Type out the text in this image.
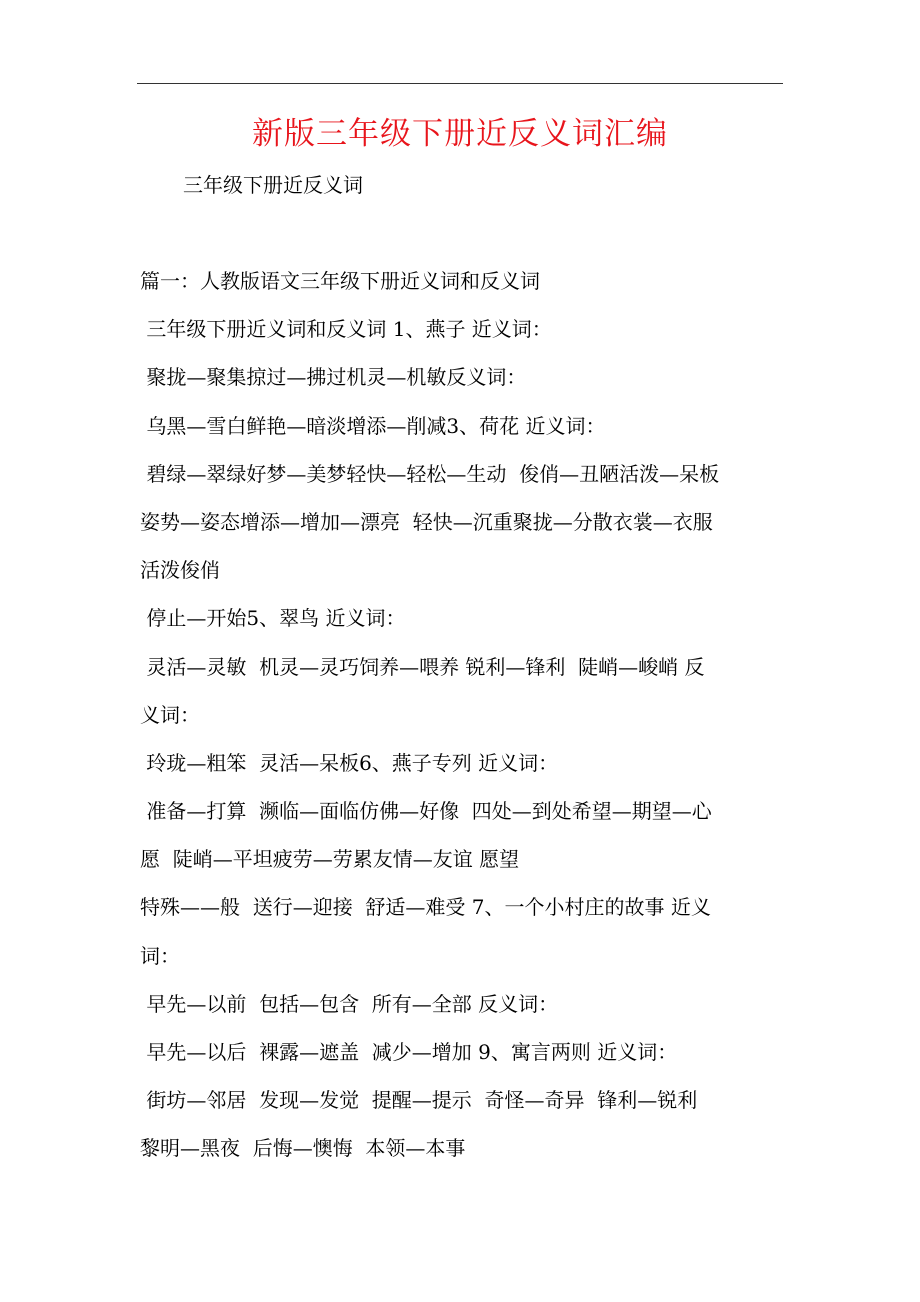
新版三年级下册近反义词汇编
三年级下册近反义词
篇一：人教版语文三年级下册近义词和反义词
三年级下册近义词和反义词 1、燕子 近义词：
聚拢—聚集掠过—拂过机灵—机敏反义词：
乌黑—雪白鲜艳—暗淡增添—削减3、荷花 近义词：
碧绿—翠绿好梦—美梦轻快—轻松—生动  俊俏—丑陋活泼—呆板
姿势—姿态增添—增加—漂亮  轻快—沉重聚拢—分散衣裳—衣服
活泼俊俏
停止—开始5、翠鸟 近义词：
灵活—灵敏  机灵—灵巧饲养—喂养 锐利—锋利  陡峭—峻峭 反
义词：
玲珑—粗笨  灵活—呆板6、燕子专列 近义词：
准备—打算  濒临—面临仿佛—好像  四处—到处希望—期望—心
愿  陡峭—平坦疲劳—劳累友情—友谊 愿望
特殊——般  送行—迎接  舒适—难受 7、一个小村庄的故事 近义
词：
早先—以前  包括—包含  所有—全部 反义词：
早先—以后  裸露—遮盖  减少—增加 9、寓言两则 近义词：
街坊—邻居  发现—发觉  提醒—提示  奇怪—奇异  锋利—锐利
黎明—黑夜  后悔—懊悔  本领—本事
